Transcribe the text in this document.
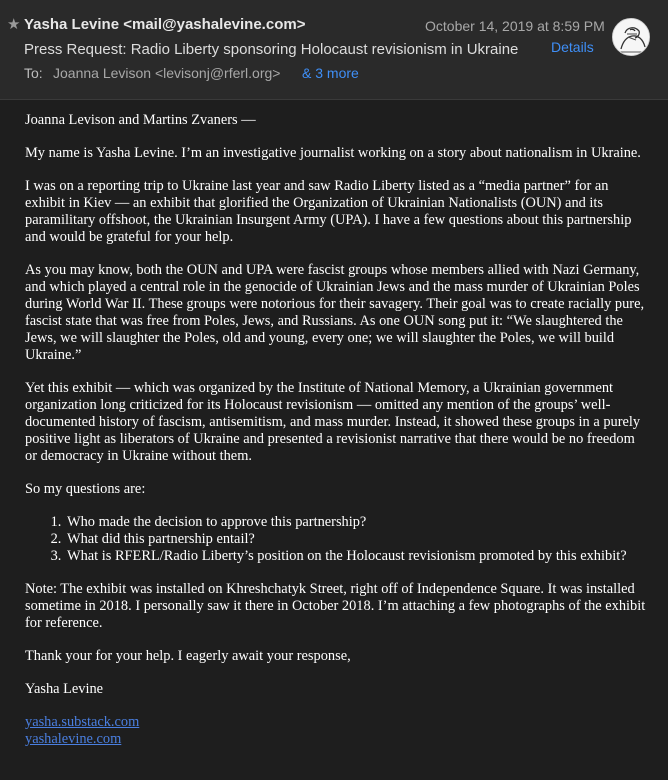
★ Yasha Levine <mail@yashalevine.com>	October 14, 2019 at 8:59 PM
Press Request: Radio Liberty sponsoring Holocaust revisionism in Ukraine Details
To: Joanna Levison <levisonj@rferl.org> & 3 more

Joanna Levison and Martins Zvaners —

My name is Yasha Levine. I’m an investigative journalist working on a story about nationalism in Ukraine.

I was on a reporting trip to Ukraine last year and saw Radio Liberty listed as a “media partner” for an exhibit in Kiev — an exhibit that glorified the Organization of Ukrainian Nationalists (OUN) and its paramilitary offshoot, the Ukrainian Insurgent Army (UPA). I have a few questions about this partnership and would be grateful for your help.

As you may know, both the OUN and UPA were fascist groups whose members allied with Nazi Germany, and which played a central role in the genocide of Ukrainian Jews and the mass murder of Ukrainian Poles during World War II. These groups were notorious for their savagery. Their goal was to create racially pure, fascist state that was free from Poles, Jews, and Russians. As one OUN song put it: “We slaughtered the Jews, we will slaughter the Poles, old and young, every one; we will slaughter the Poles, we will build Ukraine.”

Yet this exhibit — which was organized by the Institute of National Memory, a Ukrainian government organization long criticized for its Holocaust revisionism — omitted any mention of the groups’ well-documented history of fascism, antisemitism, and mass murder. Instead, it showed these groups in a purely positive light as liberators of Ukraine and presented a revisionist narrative that there would be no freedom or democracy in Ukraine without them.

So my questions are:

1. Who made the decision to approve this partnership?
2. What did this partnership entail?
3. What is RFERL/Radio Liberty’s position on the Holocaust revisionism promoted by this exhibit?

Note: The exhibit was installed on Khreshchatyk Street, right off of Independence Square. It was installed sometime in 2018. I personally saw it there in October 2018. I’m attaching a few photographs of the exhibit for reference.

Thank your for your help. I eagerly await your response,

Yasha Levine

yasha.substack.com
yashalevine.com
